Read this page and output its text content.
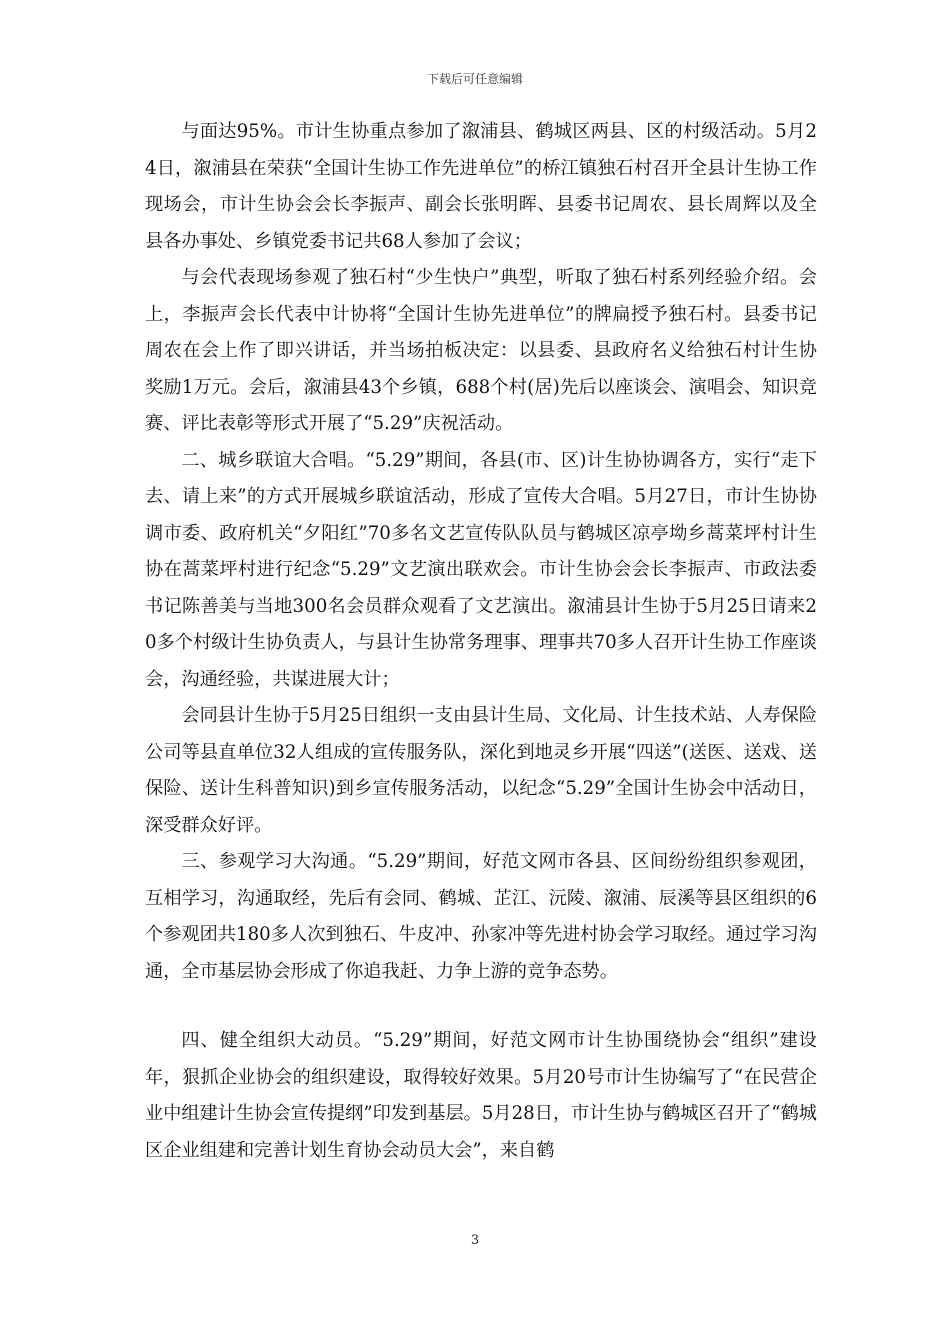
下载后可任意编辑

与面达95%。市计生协重点参加了溆浦县、鹤城区两县、区的村级活动。5月24日，溆浦县在荣获“全国计生协工作先进单位”的桥江镇独石村召开全县计生协工作现场会，市计生协会会长李振声、副会长张明晖、县委书记周农、县长周辉以及全县各办事处、乡镇党委书记共68人参加了会议；

与会代表现场参观了独石村“少生快户”典型，听取了独石村系列经验介绍。会上，李振声会长代表中计协将“全国计生协先进单位”的牌扁授予独石村。县委书记周农在会上作了即兴讲话，并当场拍板决定：以县委、县政府名义给独石村计生协奖励1万元。会后，溆浦县43个乡镇，688个村(居)先后以座谈会、演唱会、知识竞赛、评比表彰等形式开展了“5.29”庆祝活动。

二、城乡联谊大合唱。“5.29”期间，各县(市、区)计生协协调各方，实行“走下去、请上来”的方式开展城乡联谊活动，形成了宣传大合唱。5月27日，市计生协协调市委、政府机关“夕阳红”70多名文艺宣传队队员与鹤城区凉亭坳乡蒿菜坪村计生协在蒿菜坪村进行纪念“5.29”文艺演出联欢会。市计生协会会长李振声、市政法委书记陈善美与当地300名会员群众观看了文艺演出。溆浦县计生协于5月25日请来20多个村级计生协负责人，与县计生协常务理事、理事共70多人召开计生协工作座谈会，沟通经验，共谋进展大计；

会同县计生协于5月25日组织一支由县计生局、文化局、计生技术站、人寿保险公司等县直单位32人组成的宣传服务队，深化到地灵乡开展“四送”(送医、送戏、送保险、送计生科普知识)到乡宣传服务活动，以纪念“5.29”全国计生协会中活动日，深受群众好评。

三、参观学习大沟通。“5.29”期间，好范文网市各县、区间纷纷组织参观团，互相学习，沟通取经，先后有会同、鹤城、芷江、沅陵、溆浦、辰溪等县区组织的6个参观团共180多人次到独石、牛皮冲、孙家冲等先进村协会学习取经。通过学习沟通，全市基层协会形成了你追我赶、力争上游的竞争态势。

四、健全组织大动员。“5.29”期间，好范文网市计生协围绕协会“组织”建设年，狠抓企业协会的组织建设，取得较好效果。5月20号市计生协编写了“在民营企业中组建计生协会宣传提纲”印发到基层。5月28日，市计生协与鹤城区召开了“鹤城区企业组建和完善计划生育协会动员大会”，来自鹤

3
